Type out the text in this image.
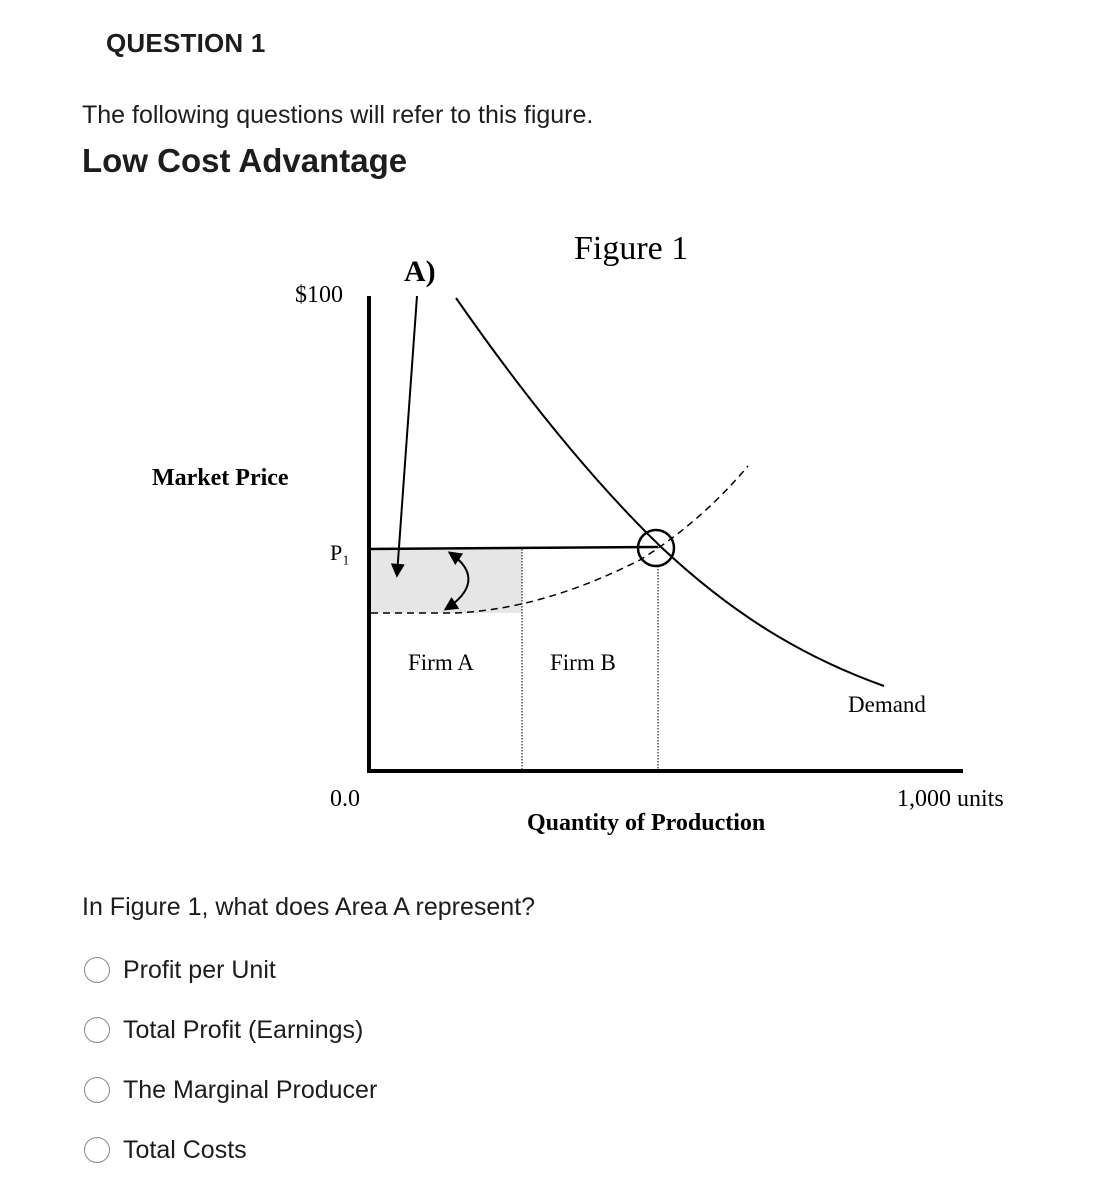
QUESTION 1
The following questions will refer to this figure.
Low Cost Advantage
Figure 1
A)
$100
Market Price
P₁
Firm A	Firm B
Demand
0.0	1,000 units
Quantity of Production
In Figure 1, what does Area A represent?
Profit per Unit
Total Profit (Earnings)
The Marginal Producer
Total Costs
